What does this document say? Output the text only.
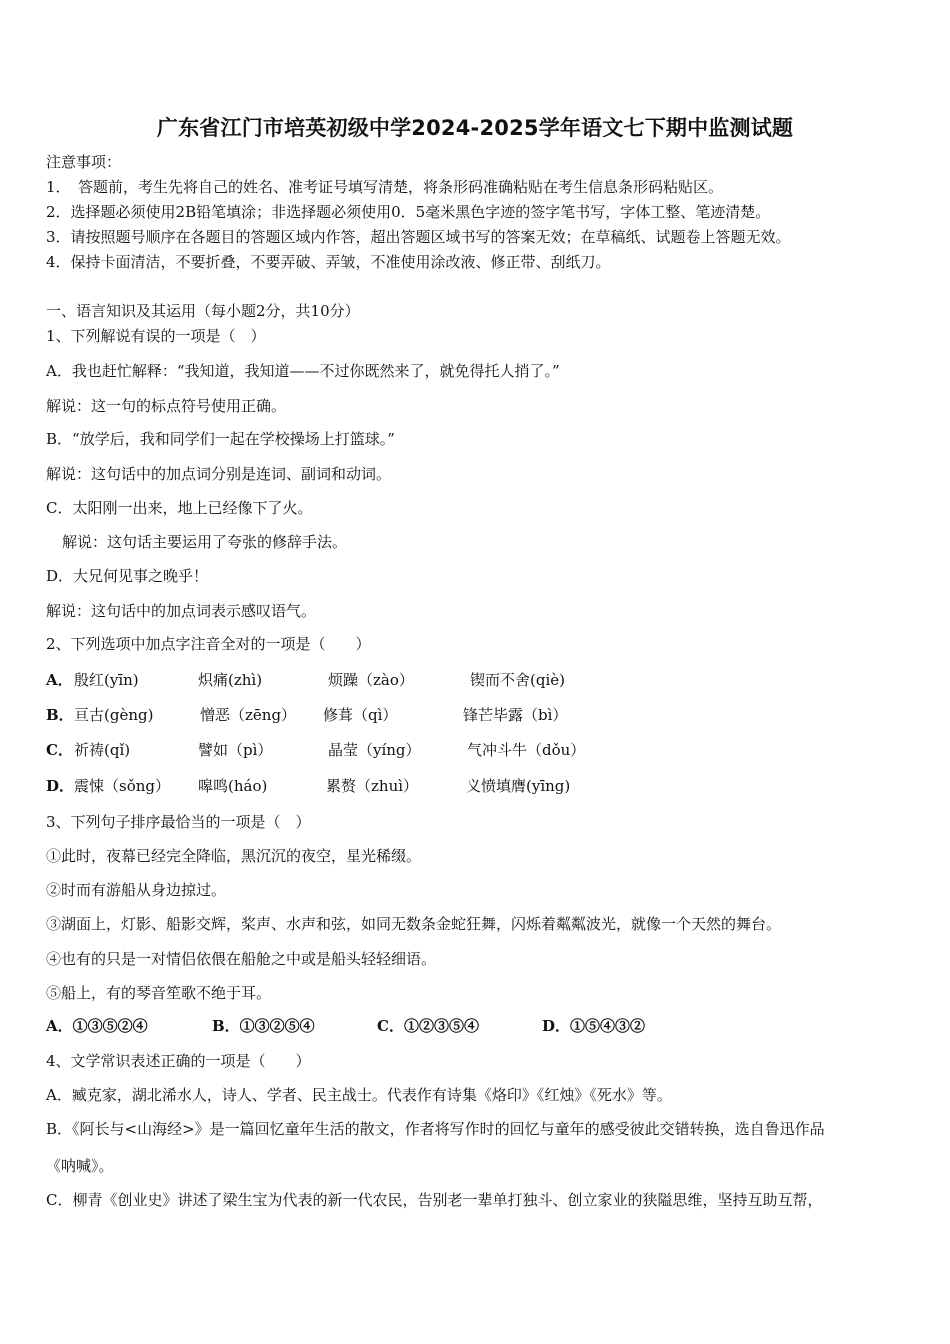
广东省江门市培英初级中学2024-2025学年语文七下期中监测试题
注意事项：
1．　答题前，考生先将自己的姓名、准考证号填写清楚，将条形码准确粘贴在考生信息条形码粘贴区。
2．选择题必须使用2B铅笔填涂；非选择题必须使用0．5毫米黑色字迹的签字笔书写，字体工整、笔迹清楚。
3．请按照题号顺序在各题目的答题区域内作答，超出答题区域书写的答案无效；在草稿纸、试题卷上答题无效。
4．保持卡面清洁，不要折叠，不要弄破、弄皱，不准使用涂改液、修正带、刮纸刀。
一、语言知识及其运用（每小题2分，共10分）
1、下列解说有误的一项是（　）
A．我也赶忙解释：“我知道，我知道——不过你既然来了，就免得托人捎了。”
解说：这一句的标点符号使用正确。
B．“放学后，我和同学们一起在学校操场上打篮球。”
解说：这句话中的加点词分别是连词、副词和动词。
C．太阳刚一出来，地上已经像下了火。
解说：这句话主要运用了夸张的修辞手法。
D．大兄何见事之晚乎！
解说：这句话中的加点词表示感叹语气。
2、下列选项中加点字注音全对的一项是（　　）
A． 殷红(yīn)	炽痛(zhì)	烦躁（zào）	锲而不舍(qiè)
B． 亘古(gèng)	憎恶（zēng） 修葺（qì）	锋芒毕露（bì）
C． 祈祷(qǐ)	譬如（pì）	晶莹（yíng）	气冲斗牛（dǒu）
D． 震悚（sǒng） 嗥鸣(háo)	累赘（zhuì）	义愤填膺(yīng)
3、下列句子排序最恰当的一项是（　）
①此时，夜幕已经完全降临，黑沉沉的夜空，星光稀缀。
②时而有游船从身边掠过。
③湖面上，灯影、船影交辉，桨声、水声和弦，如同无数条金蛇狂舞，闪烁着粼粼波光，就像一个天然的舞台。
④也有的只是一对情侣依偎在船舱之中或是船头轻轻细语。
⑤船上，有的琴音笙歌不绝于耳。
A．①③⑤②④	B．①③②⑤④	C．①②③⑤④	D．①⑤④③②
4、文学常识表述正确的一项是（　　）
A．臧克家，湖北浠水人，诗人、学者、民主战士。代表作有诗集《烙印》《红烛》《死水》等。
B．《阿长与<山海经>》是一篇回忆童年生活的散文，作者将写作时的回忆与童年的感受彼此交错转换，选自鲁迅作品
《呐喊》。
C．柳青《创业史》讲述了梁生宝为代表的新一代农民，告别老一辈单打独斗、创立家业的狭隘思维，坚持互助互帮，
